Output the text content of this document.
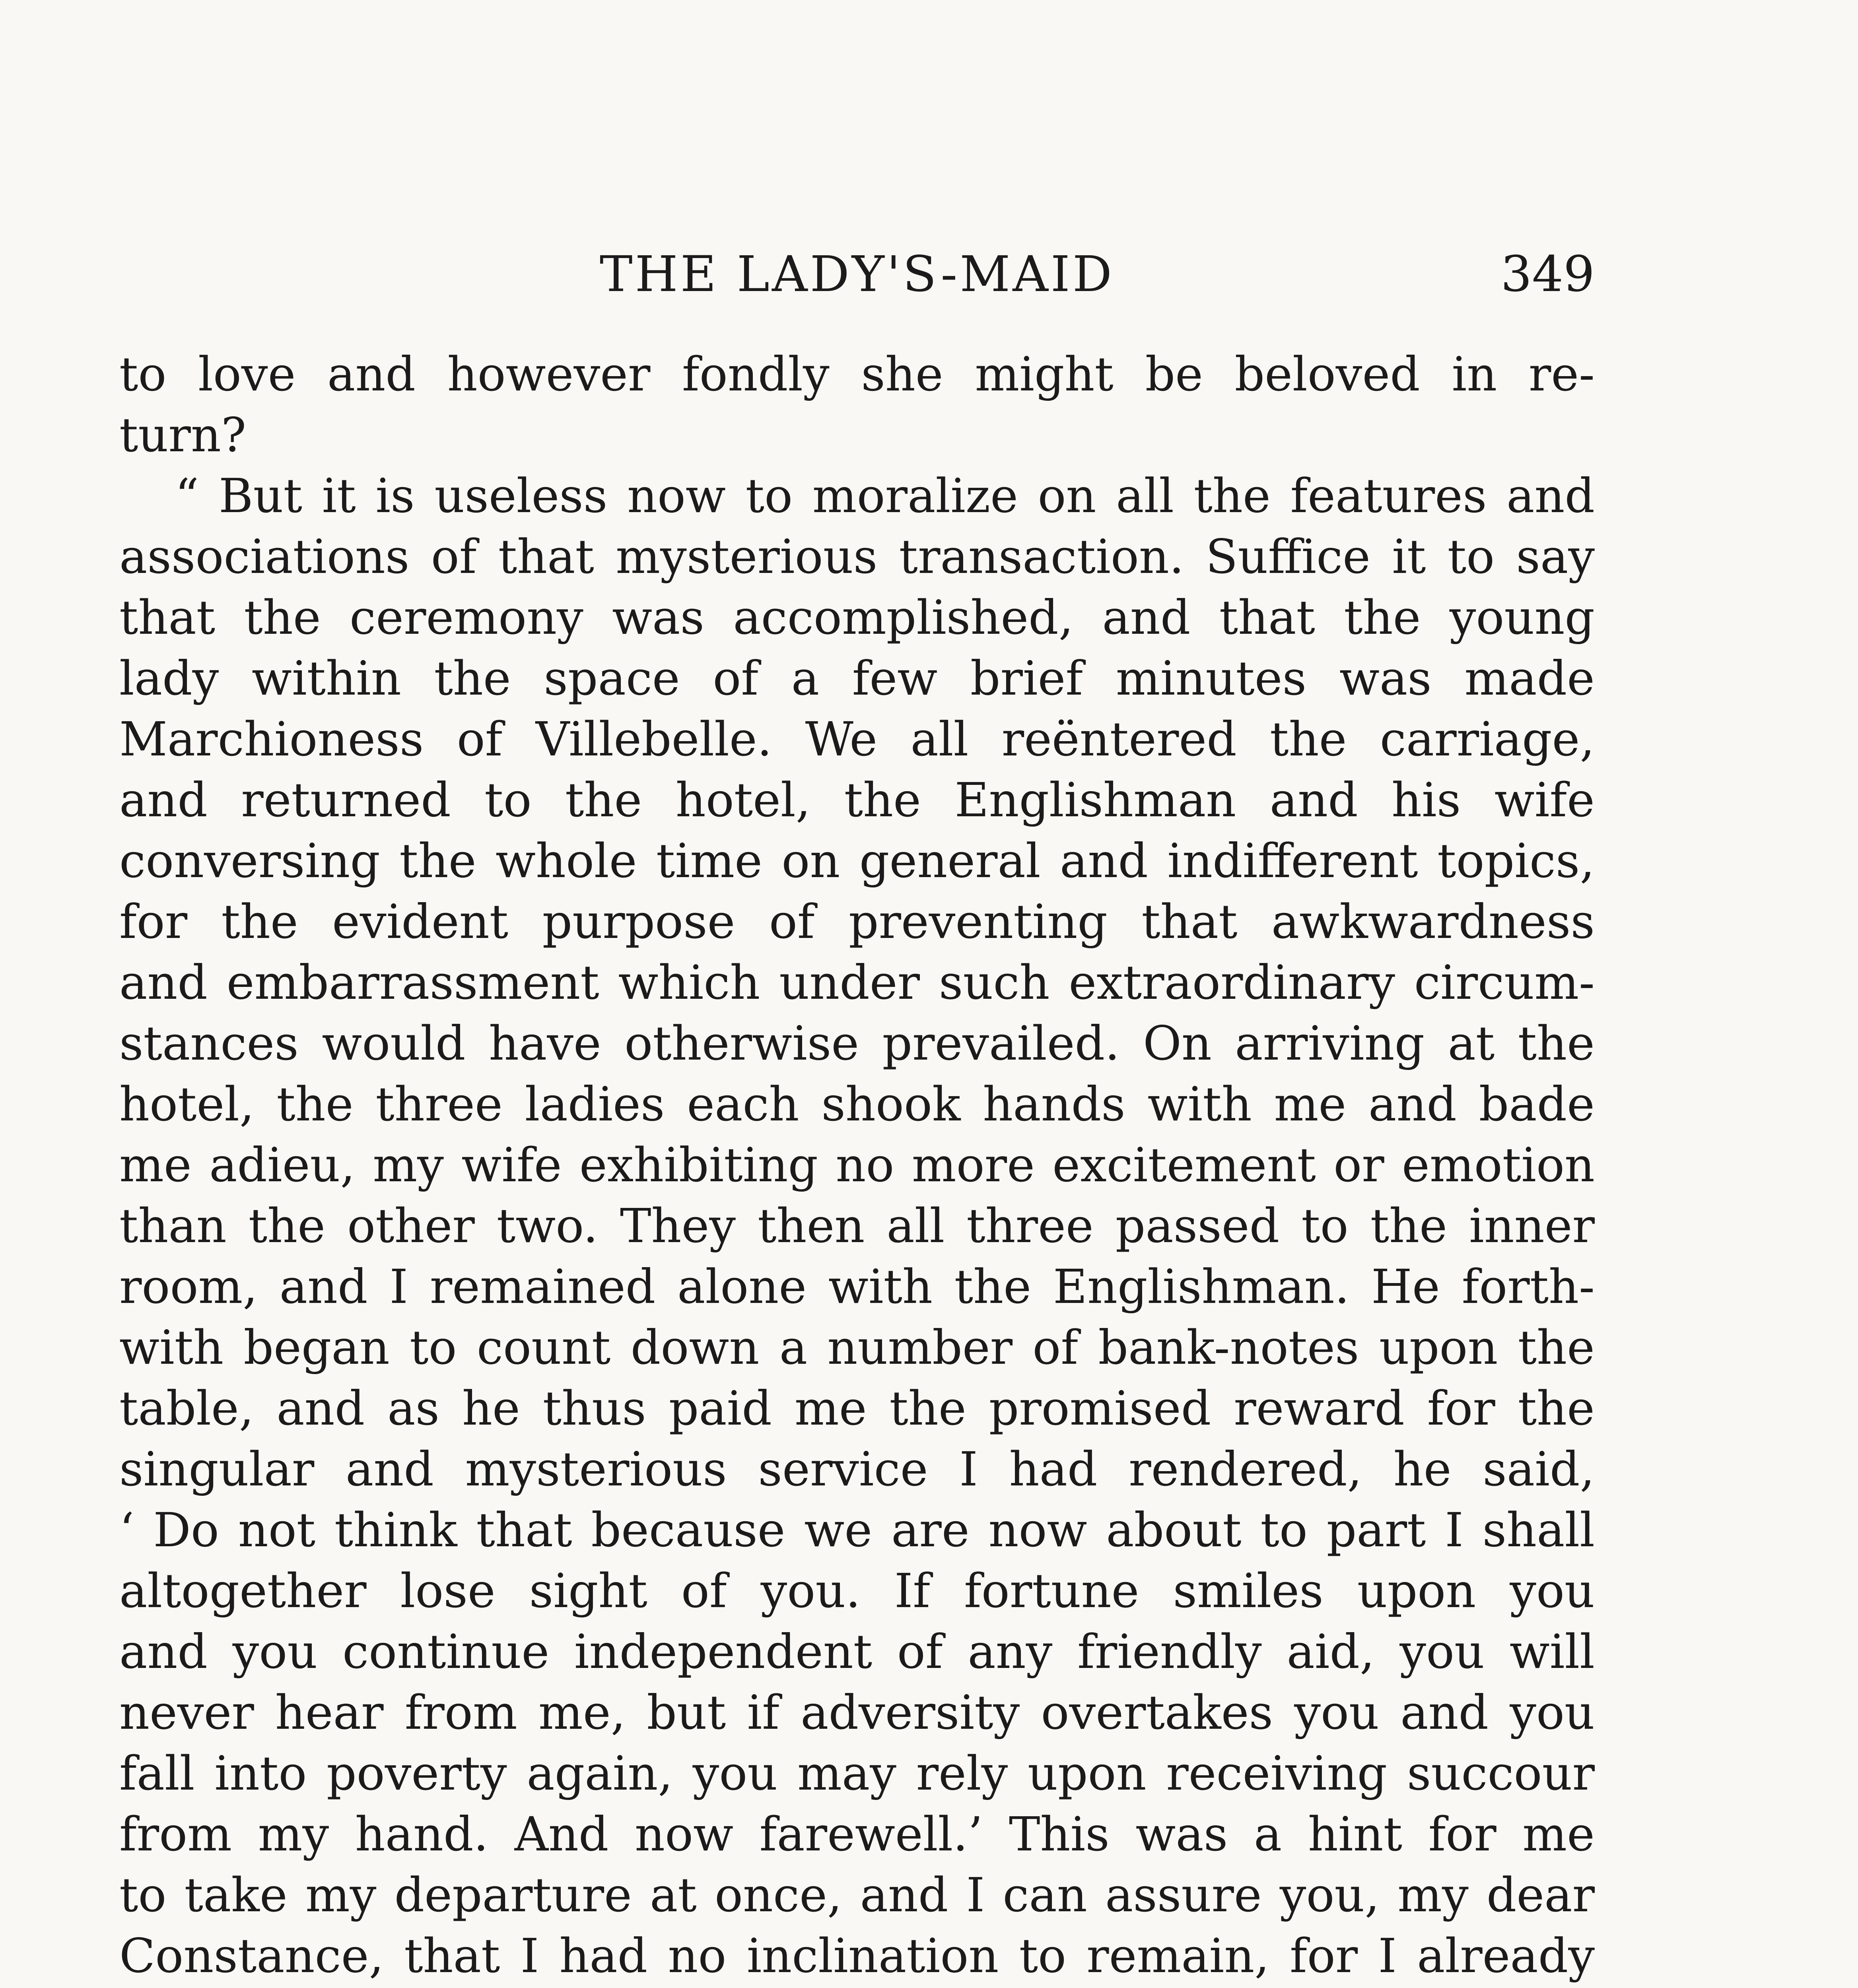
THE LADY'S-MAID	349
to love and however fondly she might be beloved in re-
turn?
“ But it is useless now to moralize on all the features and
associations of that mysterious transaction. Suffice it to say
that the ceremony was accomplished, and that the young
lady within the space of a few brief minutes was made
Marchioness of Villebelle. We all reëntered the carriage,
and returned to the hotel, the Englishman and his wife
conversing the whole time on general and indifferent topics,
for the evident purpose of preventing that awkwardness
and embarrassment which under such extraordinary circum-
stances would have otherwise prevailed. On arriving at the
hotel, the three ladies each shook hands with me and bade
me adieu, my wife exhibiting no more excitement or emotion
than the other two. They then all three passed to the inner
room, and I remained alone with the Englishman. He forth-
with began to count down a number of bank-notes upon the
table, and as he thus paid me the promised reward for the
singular and mysterious service I had rendered, he said,
‘ Do not think that because we are now about to part I shall
altogether lose sight of you. If fortune smiles upon you
and you continue independent of any friendly aid, you will
never hear from me, but if adversity overtakes you and you
fall into poverty again, you may rely upon receiving succour
from my hand. And now farewell.’ This was a hint for me
to take my departure at once, and I can assure you, my dear
Constance, that I had no inclination to remain, for I already
